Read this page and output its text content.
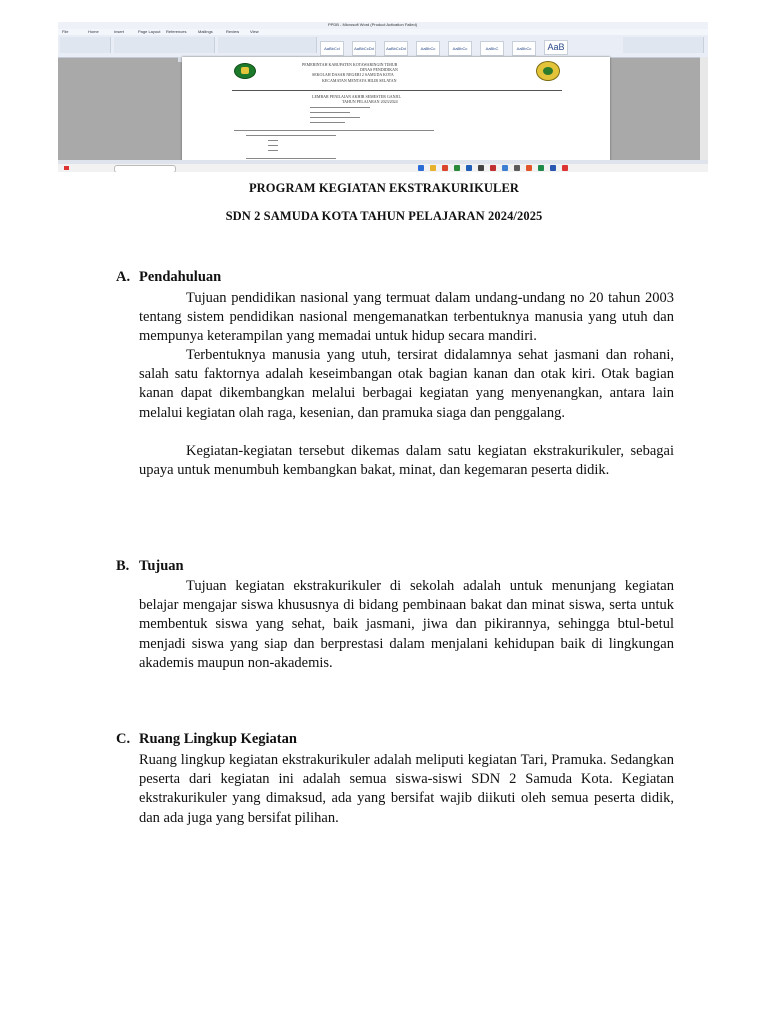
PPDB - Microsoft Word (Product Activation Failed)
File	Home	Insert	Page Layout References	Mailings	Review	View
AaBbCcI	AaBbCcDd	AaBbCcDd	AaBbCc	AaBbCc	AaBbC	AaBbCc AaB
PEMERINTAH KABUPATEN KOTAWARINGIN TIMUR
DINAS PENDIDIKAN
SEKOLAH DASAR NEGERI 2 SAMUDA KOTA
KECAMATAN MENTAYA HILIR SELATAN
LEMBAR PENILAIAN AKHIR SEMESTER GANJIL
TAHUN PELAJARAN 2023/2024
PROGRAM KEGIATAN EKSTRAKURIKULER
SDN 2 SAMUDA KOTA TAHUN PELAJARAN 2024/2025
A. Pendahuluan

Tujuan pendidikan nasional yang termuat dalam undang-undang no 20 tahun 2003 tentang sistem pendidikan nasional mengemanatkan terbentuknya manusia yang utuh dan mempunya keterampilan yang memadai untuk hidup secara mandiri.

Terbentuknya manusia yang utuh, tersirat didalamnya sehat jasmani dan rohani, salah satu faktornya adalah keseimbangan otak bagian kanan dan otak kiri. Otak bagian kanan dapat dikembangkan melalui berbagai kegiatan yang menyenangkan, antara lain melalui kegiatan olah raga, kesenian, dan pramuka siaga dan penggalang.

Kegiatan-kegiatan tersebut dikemas dalam satu kegiatan ekstrakurikuler, sebagai upaya untuk menumbuh kembangkan bakat, minat, dan kegemaran peserta didik.

B. Tujuan

Tujuan kegiatan ekstrakurikuler di sekolah adalah untuk menunjang kegiatan belajar mengajar siswa khususnya di bidang pembinaan bakat dan minat siswa, serta untuk membentuk siswa yang sehat, baik jasmani, jiwa dan pikirannya, sehingga btul-betul menjadi siswa yang siap dan berprestasi dalam menjalani kehidupan baik di lingkungan akademis maupun non-akademis.

C. Ruang Lingkup Kegiatan

Ruang lingkup kegiatan ekstrakurikuler adalah meliputi kegiatan Tari, Pramuka. Sedangkan peserta dari kegiatan ini adalah semua siswa-siswi SDN 2 Samuda Kota. Kegiatan ekstrakurikuler yang dimaksud, ada yang bersifat wajib diikuti oleh semua peserta didik, dan ada juga yang bersifat pilihan.
